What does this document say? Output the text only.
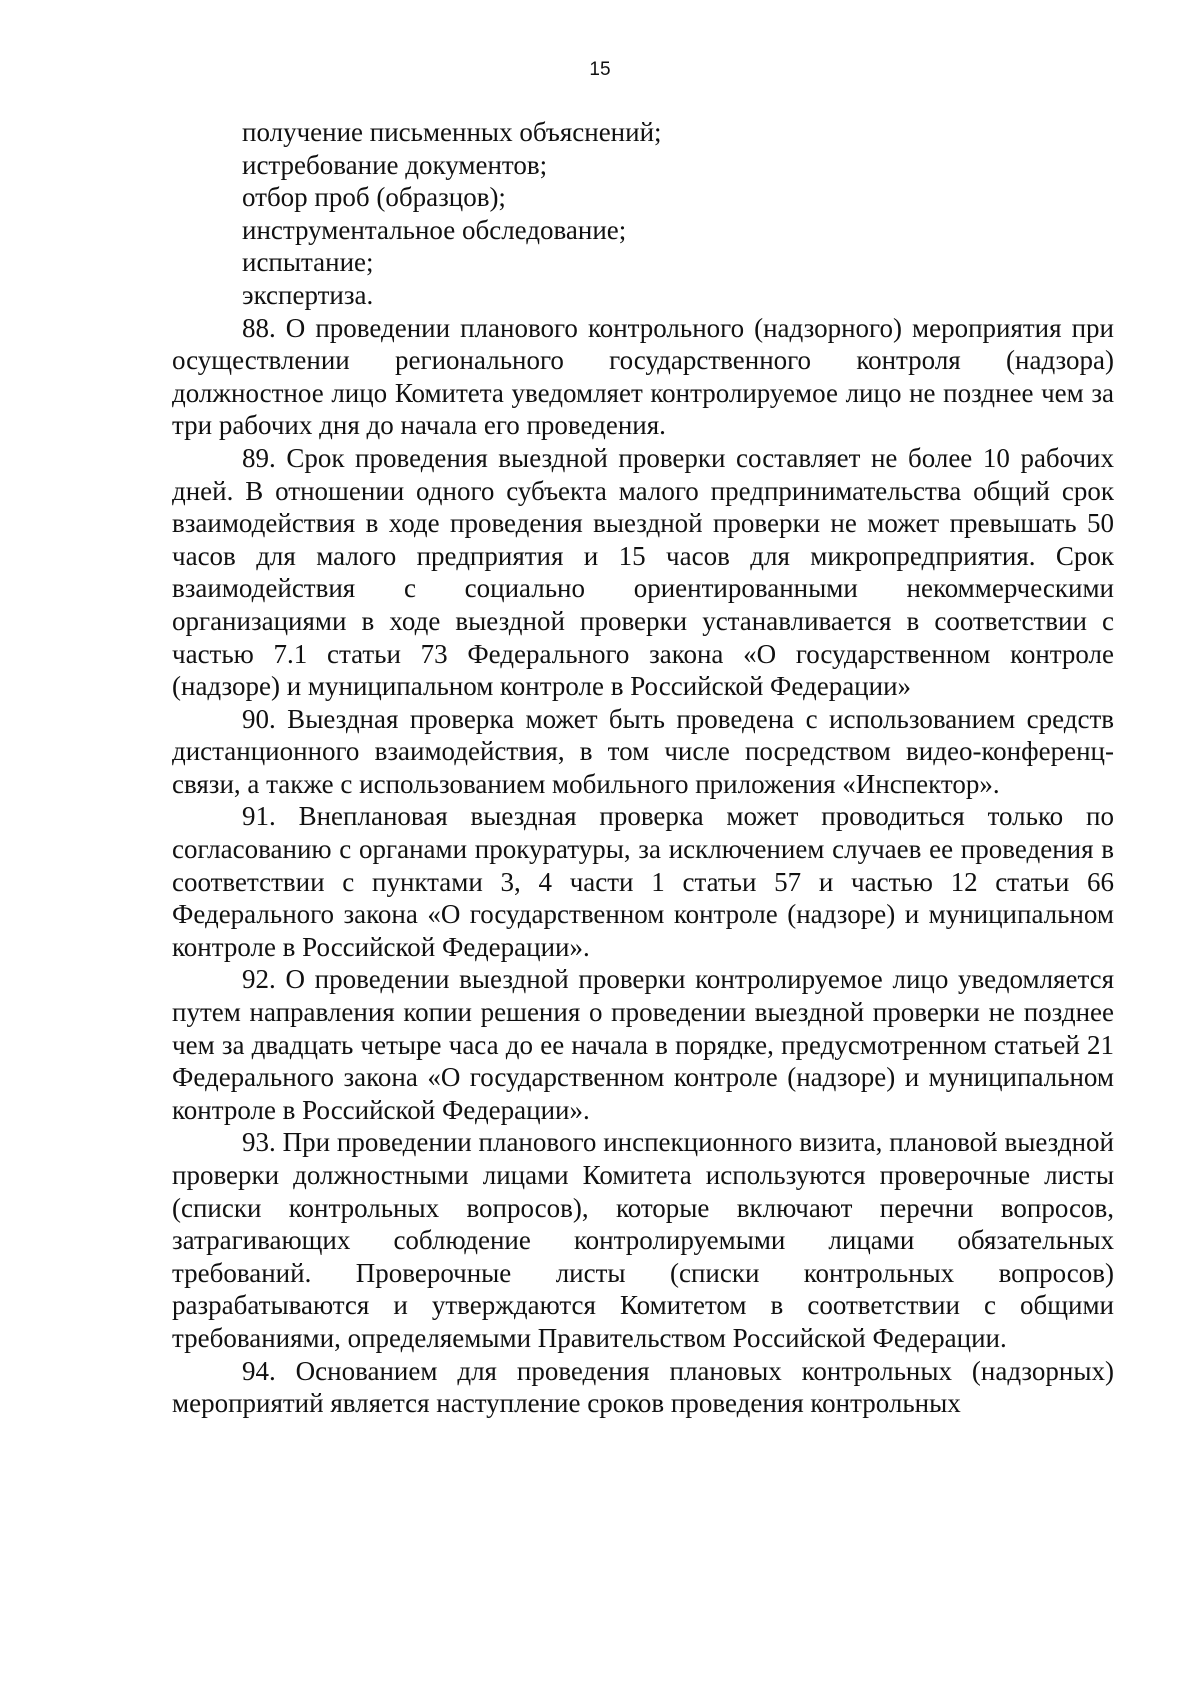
15

получение письменных объяснений;

истребование документов;

отбор проб (образцов);

инструментальное обследование;

испытание;

экспертиза.

88. О проведении планового контрольного (надзорного) мероприятия при осуществлении регионального государственного контроля (надзора) должностное лицо Комитета уведомляет контролируемое лицо не позднее чем за три рабочих дня до начала его проведения.

89. Срок проведения выездной проверки составляет не более 10 рабочих дней. В отношении одного субъекта малого предпринимательства общий срок взаимодействия в ходе проведения выездной проверки не может превышать 50 часов для малого предприятия и 15 часов для микропредприятия. Срок взаимодействия с социально ориентированными некоммерческими организациями в ходе выездной проверки устанавливается в соответствии с частью 7.1 статьи 73 Федерального закона «О государственном контроле (надзоре) и муниципальном контроле в Российской Федерации»

90. Выездная проверка может быть проведена с использованием средств дистанционного взаимодействия, в том числе посредством видео-конференц-связи, а также с использованием мобильного приложения «Инспектор».

91. Внеплановая выездная проверка может проводиться только по согласованию с органами прокуратуры, за исключением случаев ее проведения в соответствии с пунктами 3, 4 части 1 статьи 57 и частью 12 статьи 66 Федерального закона «О государственном контроле (надзоре) и муниципальном контроле в Российской Федерации».

92. О проведении выездной проверки контролируемое лицо уведомляется путем направления копии решения о проведении выездной проверки не позднее чем за двадцать четыре часа до ее начала в порядке, предусмотренном статьей 21 Федерального закона «О государственном контроле (надзоре) и муниципальном контроле в Российской Федерации».

93. При проведении планового инспекционного визита, плановой выездной проверки должностными лицами Комитета используются проверочные листы (списки контрольных вопросов), которые включают перечни вопросов, затрагивающих соблюдение контролируемыми лицами обязательных требований. Проверочные листы (списки контрольных вопросов) разрабатываются и утверждаются Комитетом в соответствии с общими требованиями, определяемыми Правительством Российской Федерации.

94. Основанием для проведения плановых контрольных (надзорных) мероприятий является наступление сроков проведения контрольных
